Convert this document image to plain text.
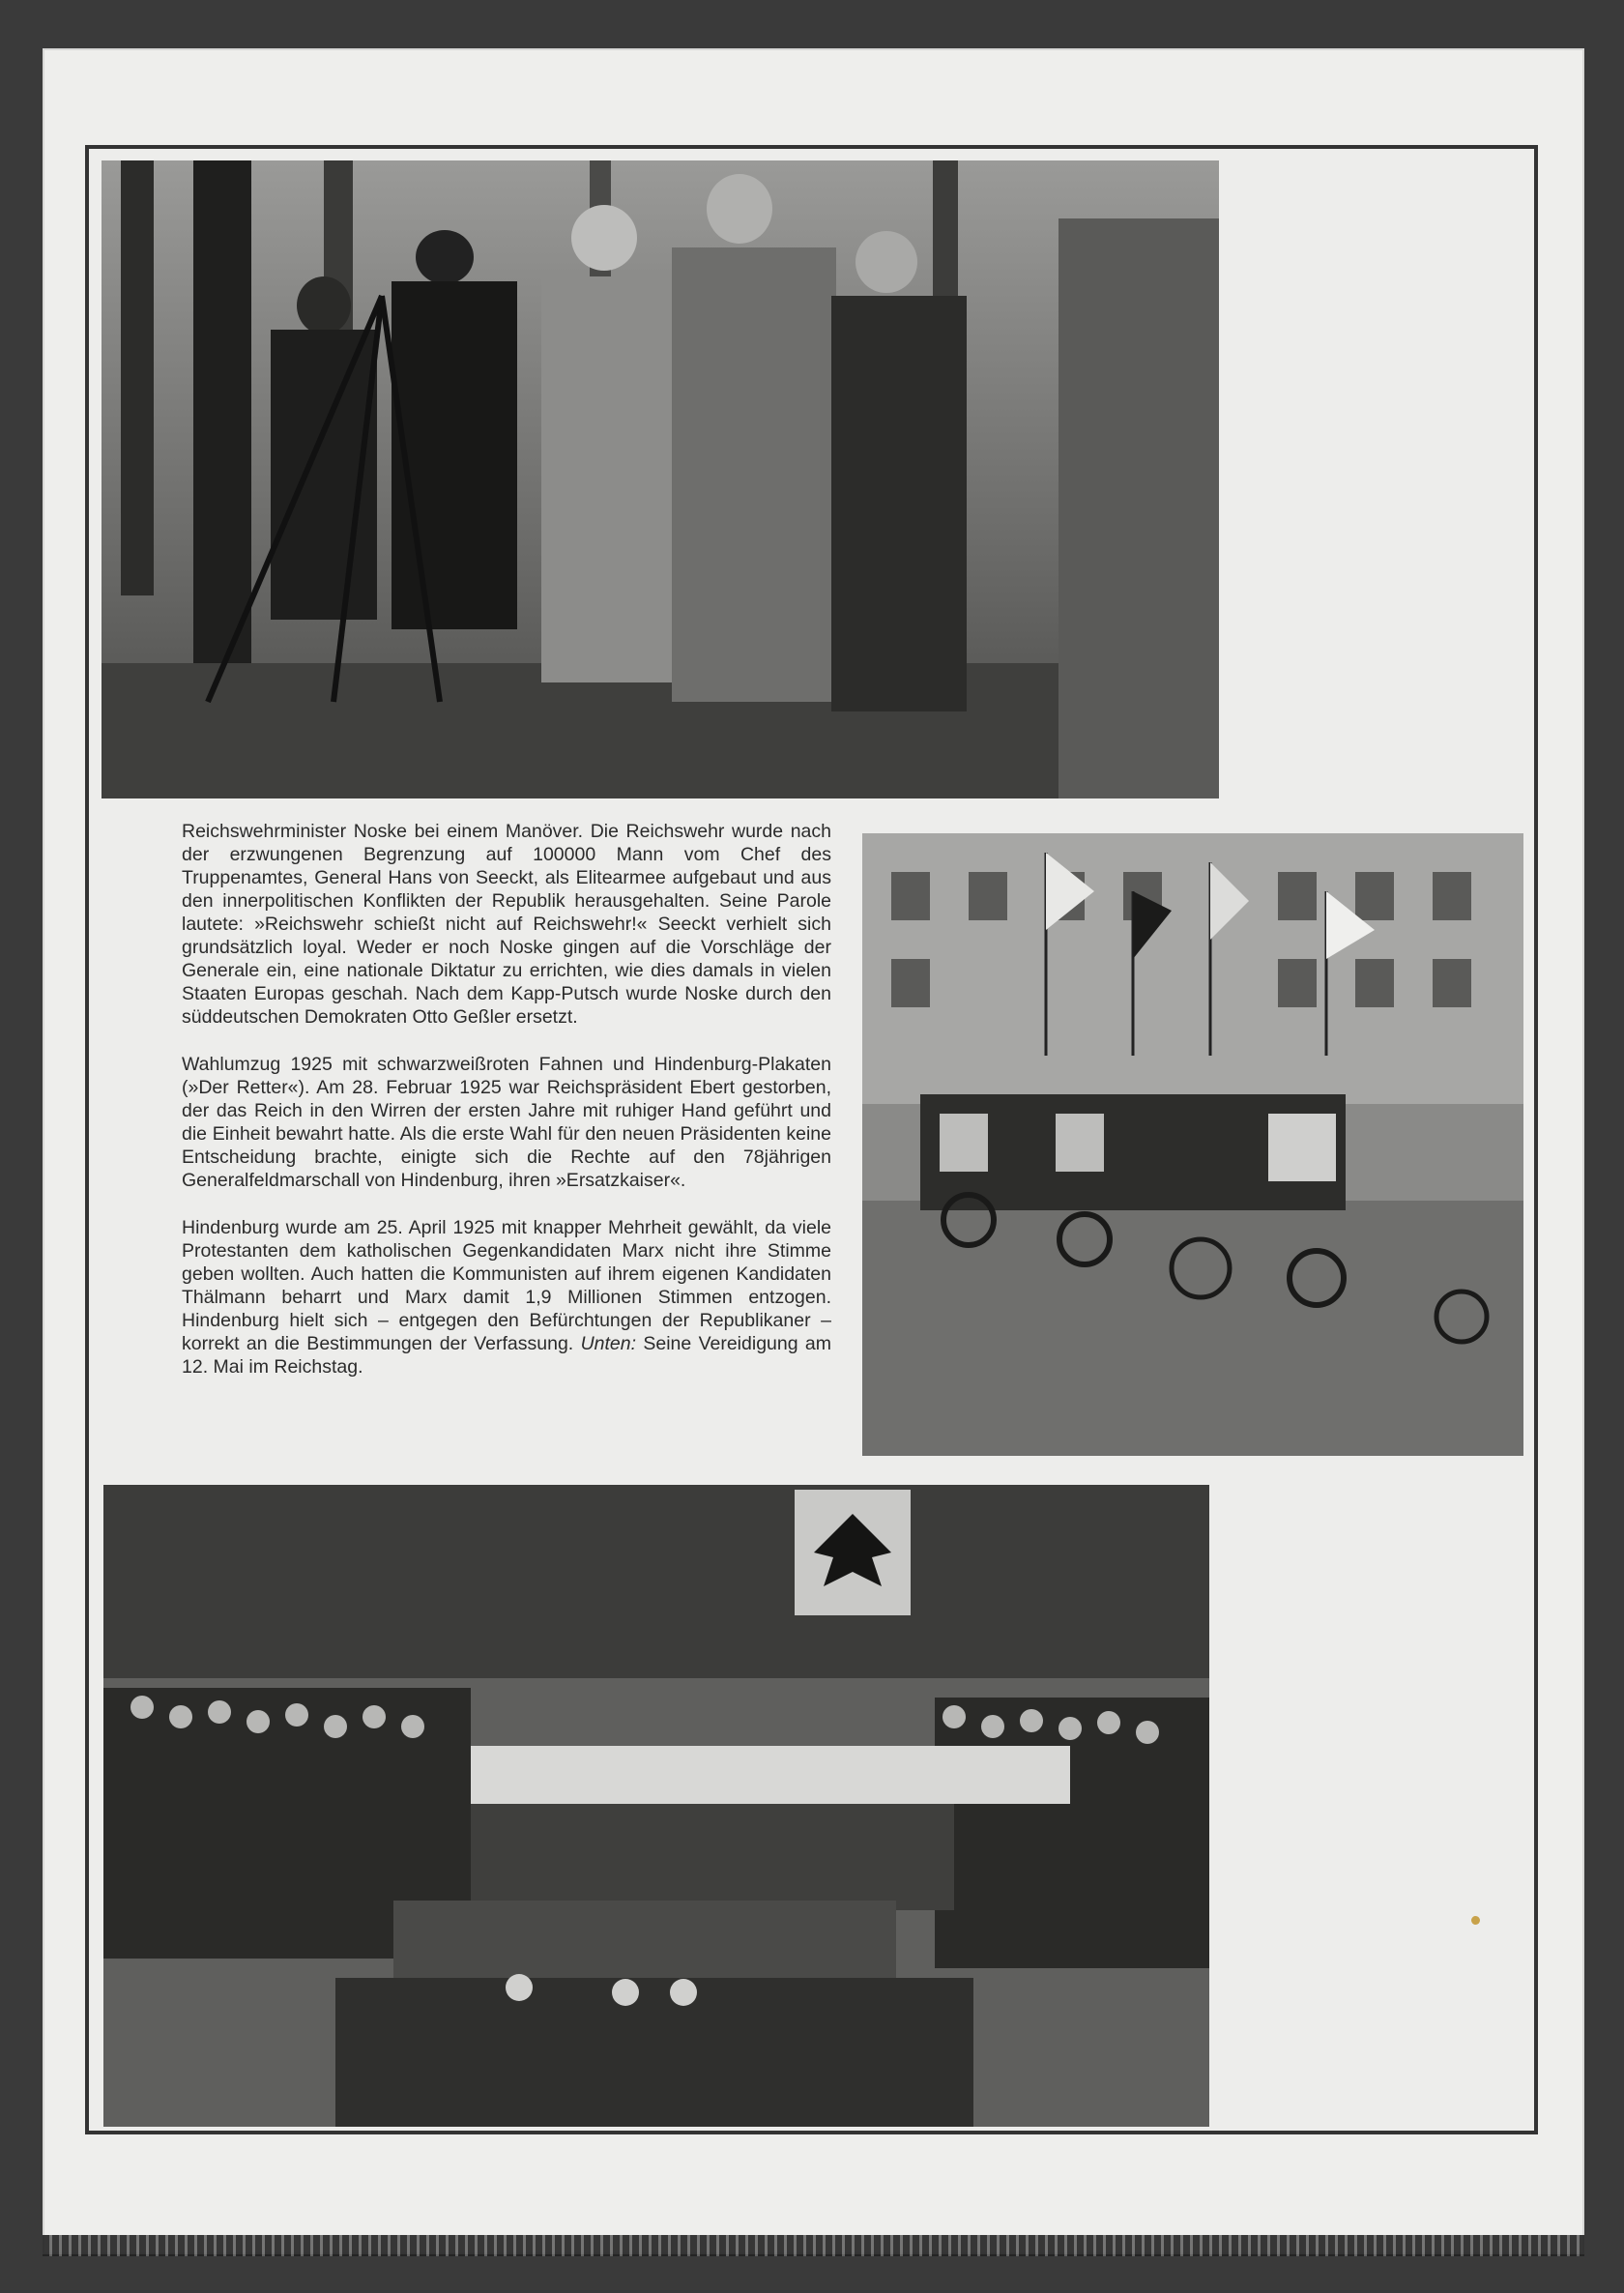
Reichswehrminister Noske bei einem Manöver. Die Reichswehr wurde nach der erzwungenen Begrenzung auf 100000 Mann vom Chef des Truppenamtes, General Hans von Seeckt, als Elitearmee aufgebaut und aus den innerpolitischen Konflikten der Republik herausgehalten. Seine Parole lautete: »Reichswehr schießt nicht auf Reichswehr!« Seeckt verhielt sich grundsätzlich loyal. Weder er noch Noske gingen auf die Vorschläge der Generale ein, eine nationale Diktatur zu errichten, wie dies damals in vielen Staaten Europas geschah. Nach dem Kapp-Putsch wurde Noske durch den süddeutschen Demokraten Otto Geßler ersetzt.

Wahlumzug 1925 mit schwarzweißroten Fahnen und Hindenburg-Plakaten (»Der Retter«). Am 28. Februar 1925 war Reichspräsident Ebert gestorben, der das Reich in den Wirren der ersten Jahre mit ruhiger Hand geführt und die Einheit bewahrt hatte. Als die erste Wahl für den neuen Präsidenten keine Entscheidung brachte, einigte sich die Rechte auf den 78jährigen Generalfeldmarschall von Hindenburg, ihren »Ersatzkaiser«.

Hindenburg wurde am 25. April 1925 mit knapper Mehrheit gewählt, da viele Protestanten dem katholischen Gegenkandidaten Marx nicht ihre Stimme geben wollten. Auch hatten die Kommunisten auf ihrem eigenen Kandidaten Thälmann beharrt und Marx damit 1,9 Millionen Stimmen entzogen. Hindenburg hielt sich – entgegen den Befürchtungen der Republikaner – korrekt an die Bestimmungen der Verfassung. Unten: Seine Vereidigung am 12. Mai im Reichstag.
